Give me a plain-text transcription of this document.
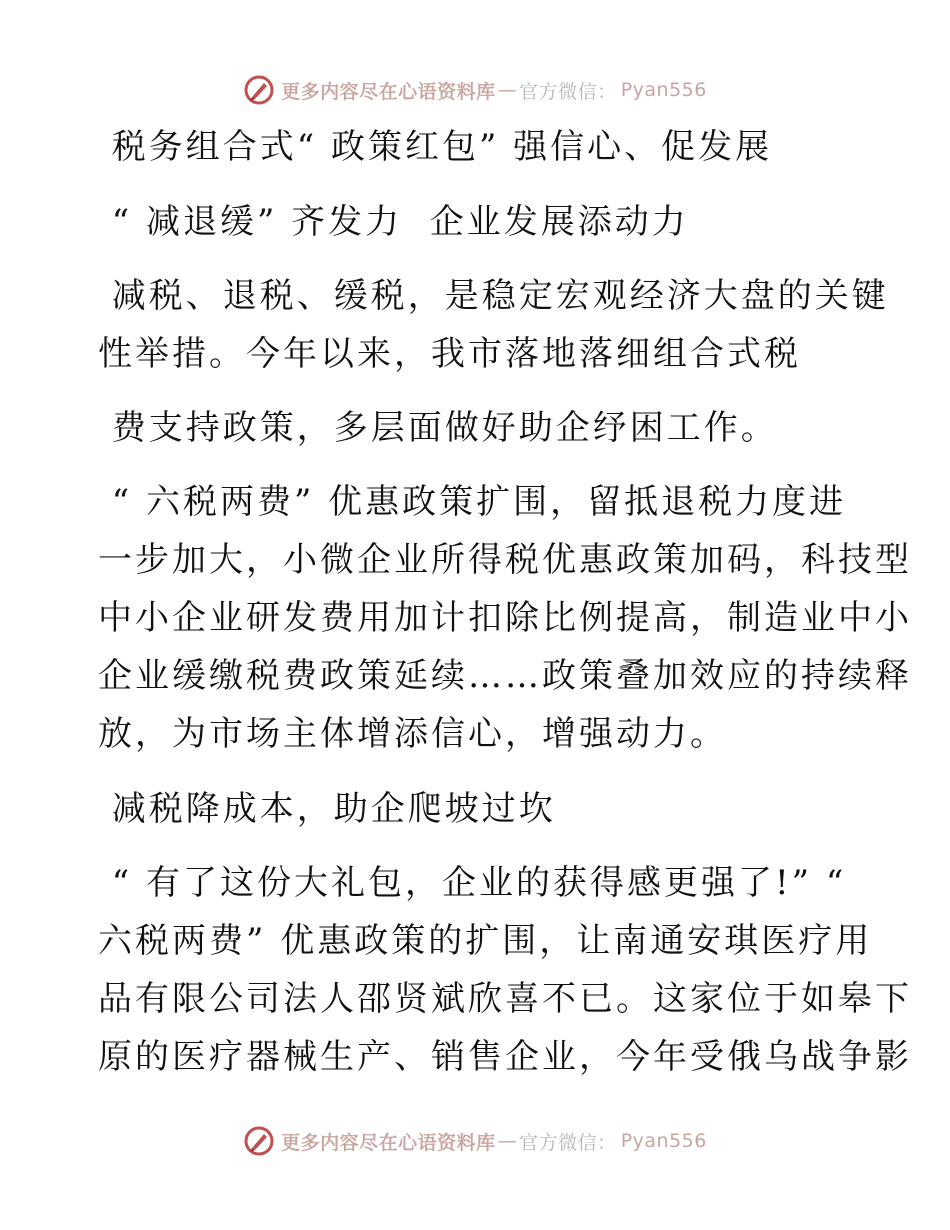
更多内容尽在心语资料库 — 官方微信： Pyan556
税务组合式“ 政策红包” 强信心、促发展
“ 减退缓” 齐发力  企业发展添动力
减税、退税、缓税，是稳定宏观经济大盘的关键
性举措。今年以来，我市落地落细组合式税
费支持政策，多层面做好助企纾困工作。
“ 六税两费” 优惠政策扩围，留抵退税力度进
一步加大，小微企业所得税优惠政策加码，科技型
中小企业研发费用加计扣除比例提高，制造业中小
企业缓缴税费政策延续……政策叠加效应的持续释
放，为市场主体增添信心，增强动力。
减税降成本，助企爬坡过坎
“ 有了这份大礼包，企业的获得感更强了!” “
六税两费” 优惠政策的扩围，让南通安琪医疗用
品有限公司法人邵贤斌欣喜不已。这家位于如皋下
原的医疗器械生产、销售企业，今年受俄乌战争影
更多内容尽在心语资料库 — 官方微信： Pyan556
